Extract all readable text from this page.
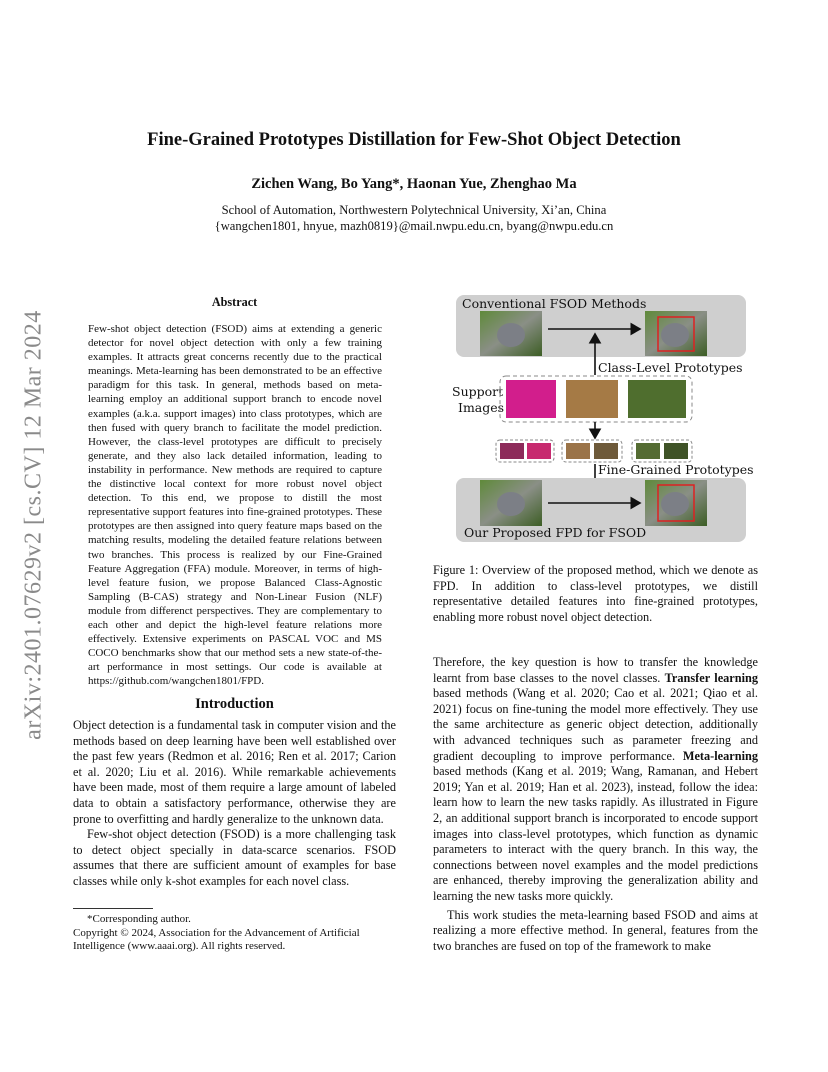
Fine-Grained Prototypes Distillation for Few-Shot Object Detection
Zichen Wang, Bo Yang*, Haonan Yue, Zhenghao Ma
School of Automation, Northwestern Polytechnical University, Xi’an, China
{wangchen1801, hnyue, mazh0819}@mail.nwpu.edu.cn, byang@nwpu.edu.cn
arXiv:2401.07629v2 [cs.CV] 12 Mar 2024
Abstract
Few-shot object detection (FSOD) aims at extending a generic detector for novel object detection with only a few training examples. It attracts great concerns recently due to the practical meanings. Meta-learning has been demonstrated to be an effective paradigm for this task. In general, methods based on meta-learning employ an additional support branch to encode novel examples (a.k.a. support images) into class prototypes, which are then fused with query branch to facilitate the model prediction. However, the class-level prototypes are difficult to precisely generate, and they also lack detailed information, leading to instability in performance. New methods are required to capture the distinctive local context for more robust novel object detection. To this end, we propose to distill the most representative support features into fine-grained prototypes. These prototypes are then assigned into query feature maps based on the matching results, modeling the detailed feature relations between two branches. This process is realized by our Fine-Grained Feature Aggregation (FFA) module. Moreover, in terms of high-level feature fusion, we propose Balanced Class-Agnostic Sampling (B-CAS) strategy and Non-Linear Fusion (NLF) module from differenct perspectives. They are complementary to each other and depict the high-level feature relations more effectively. Extensive experiments on PASCAL VOC and MS COCO benchmarks show that our method sets a new state-of-the-art performance in most settings. Our code is available at https://github.com/wangchen1801/FPD.
Introduction

Object detection is a fundamental task in computer vision and the methods based on deep learning have been well established over the past few years (Redmon et al. 2016; Ren et al. 2017; Carion et al. 2020; Liu et al. 2016). While remarkable achievements have been made, most of them require a large amount of labeled data to obtain a satisfactory performance, otherwise they are prone to overfitting and hardly generalize to the unknown data.

Few-shot object detection (FSOD) is a more challenging task to detect object specially in data-scarce scenarios. FSOD assumes that there are sufficient amount of examples for base classes while only k-shot examples for each novel class.

*Corresponding author.
Copyright © 2024, Association for the Advancement of Artificial Intelligence (www.aaai.org). All rights reserved.
Conventional FSOD Methods
Class-Level Prototypes
Support
Images
Fine-Grained Prototypes
Our Proposed FPD for FSOD
Figure 1: Overview of the proposed method, which we denote as FPD. In addition to class-level prototypes, we distill representative detailed features into fine-grained prototypes, enabling more robust novel object detection.

Therefore, the key question is how to transfer the knowledge learnt from base classes to the novel classes. Transfer learning based methods (Wang et al. 2020; Cao et al. 2021; Qiao et al. 2021) focus on fine-tuning the model more effectively. They use the same architecture as generic object detection, additionally with advanced techniques such as parameter freezing and gradient decoupling to improve performance. Meta-learning based methods (Kang et al. 2019; Wang, Ramanan, and Hebert 2019; Yan et al. 2019; Han et al. 2023), instead, follow the idea: learn how to learn the new tasks rapidly. As illustrated in Figure 2, an additional support branch is incorporated to encode support images into class-level prototypes, which function as dynamic parameters to interact with the query branch. In this way, the connections between novel examples and the model predictions are enhanced, thereby improving the generalization ability and learning the new tasks more quickly.

This work studies the meta-learning based FSOD and aims at realizing a more effective method. In general, features from the two branches are fused on top of the framework to make
